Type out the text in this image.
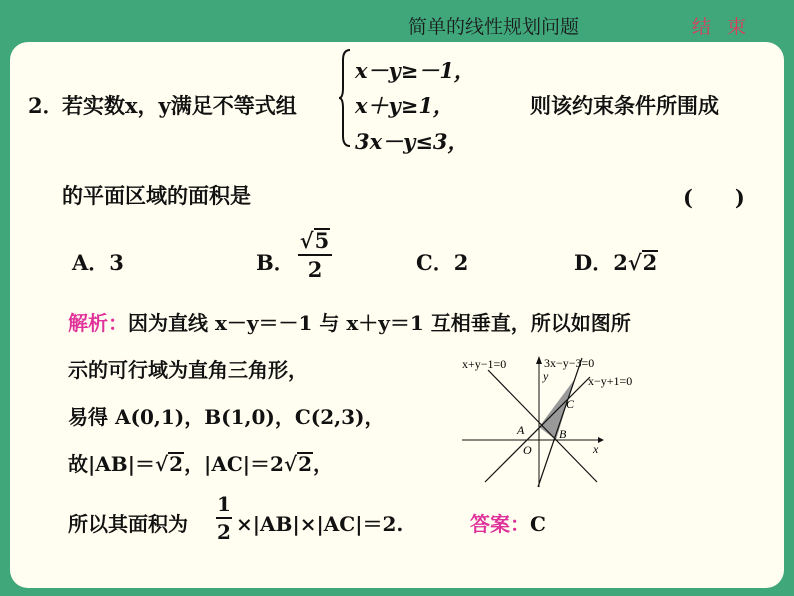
简单的线性规划问题	结束
2．
若实数x，y满足不等式组
x－y≥－1，
x＋y≥1，
3x－y≤3，
则该约束条件所围成
的平面区域的面积是	(　　)
A．3	B．
√5
2	C．2	D．2√2
解析：因为直线 x－y＝－1 与 x＋y＝1 互相垂直，所以如图所
示的可行域为直角三角形，
易得 A(0,1)，B(1,0)，C(2,3)，
故|AB|＝√2，|AC|＝2√2，
所以其面积为
1
2 ×|AB|×|AC|＝2.	答案：C
x+y−1=0	3x−y−3=0
x−y+1=0
y
x
A	B
C
O
